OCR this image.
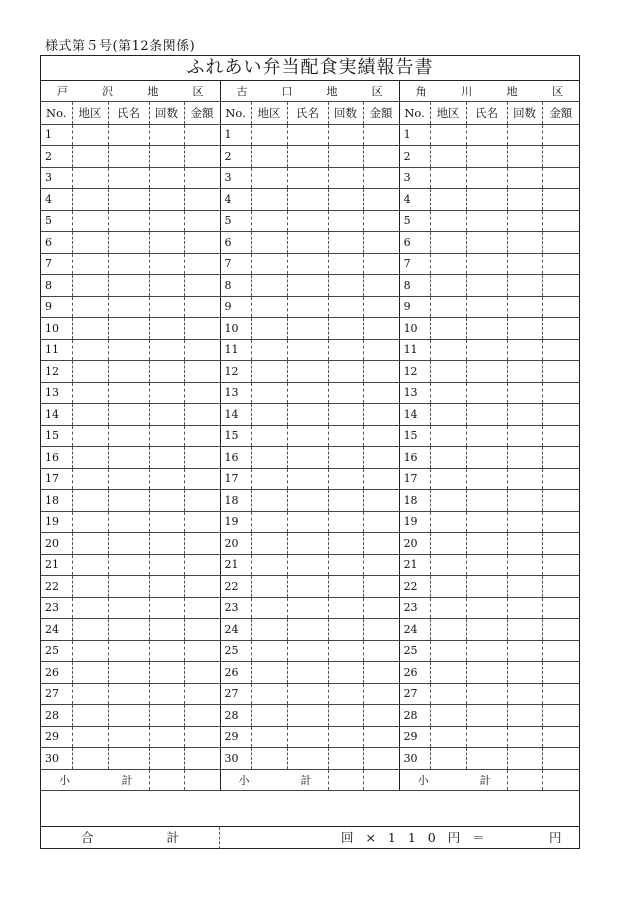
様式第５号(第12条関係)
ふれあい弁当配食実績報告書
戸 沢 地 区					古 口 地 区					角 川 地 区				

No.	地区	氏名	回数	金額	No.	地区	氏名	回数	金額	No.	地区	氏名	回数	金額
1					1					1				
2					2					2				
3					3					3				
4					4					4				
5					5					5				
6					6					6				
7					7					7				
8					8					8				
9					9					9				
10					10					10				
11					11					11				
12					12					12				
13					13					13				
14					14					14				
15					15					15				
16					16					16				
17					17					17				
18					18					18				
19					19					19				
20					20					20				
21					21					21				
22					22					22				
23					23					23				
24					24					24				
25					25					25				
26					26					26				
27					27					27				
28					28					28				
29					29					29				
30					30					30				

小 計					小 計					小 計				

合	計	回 × 1 1 0 円 ＝	円
